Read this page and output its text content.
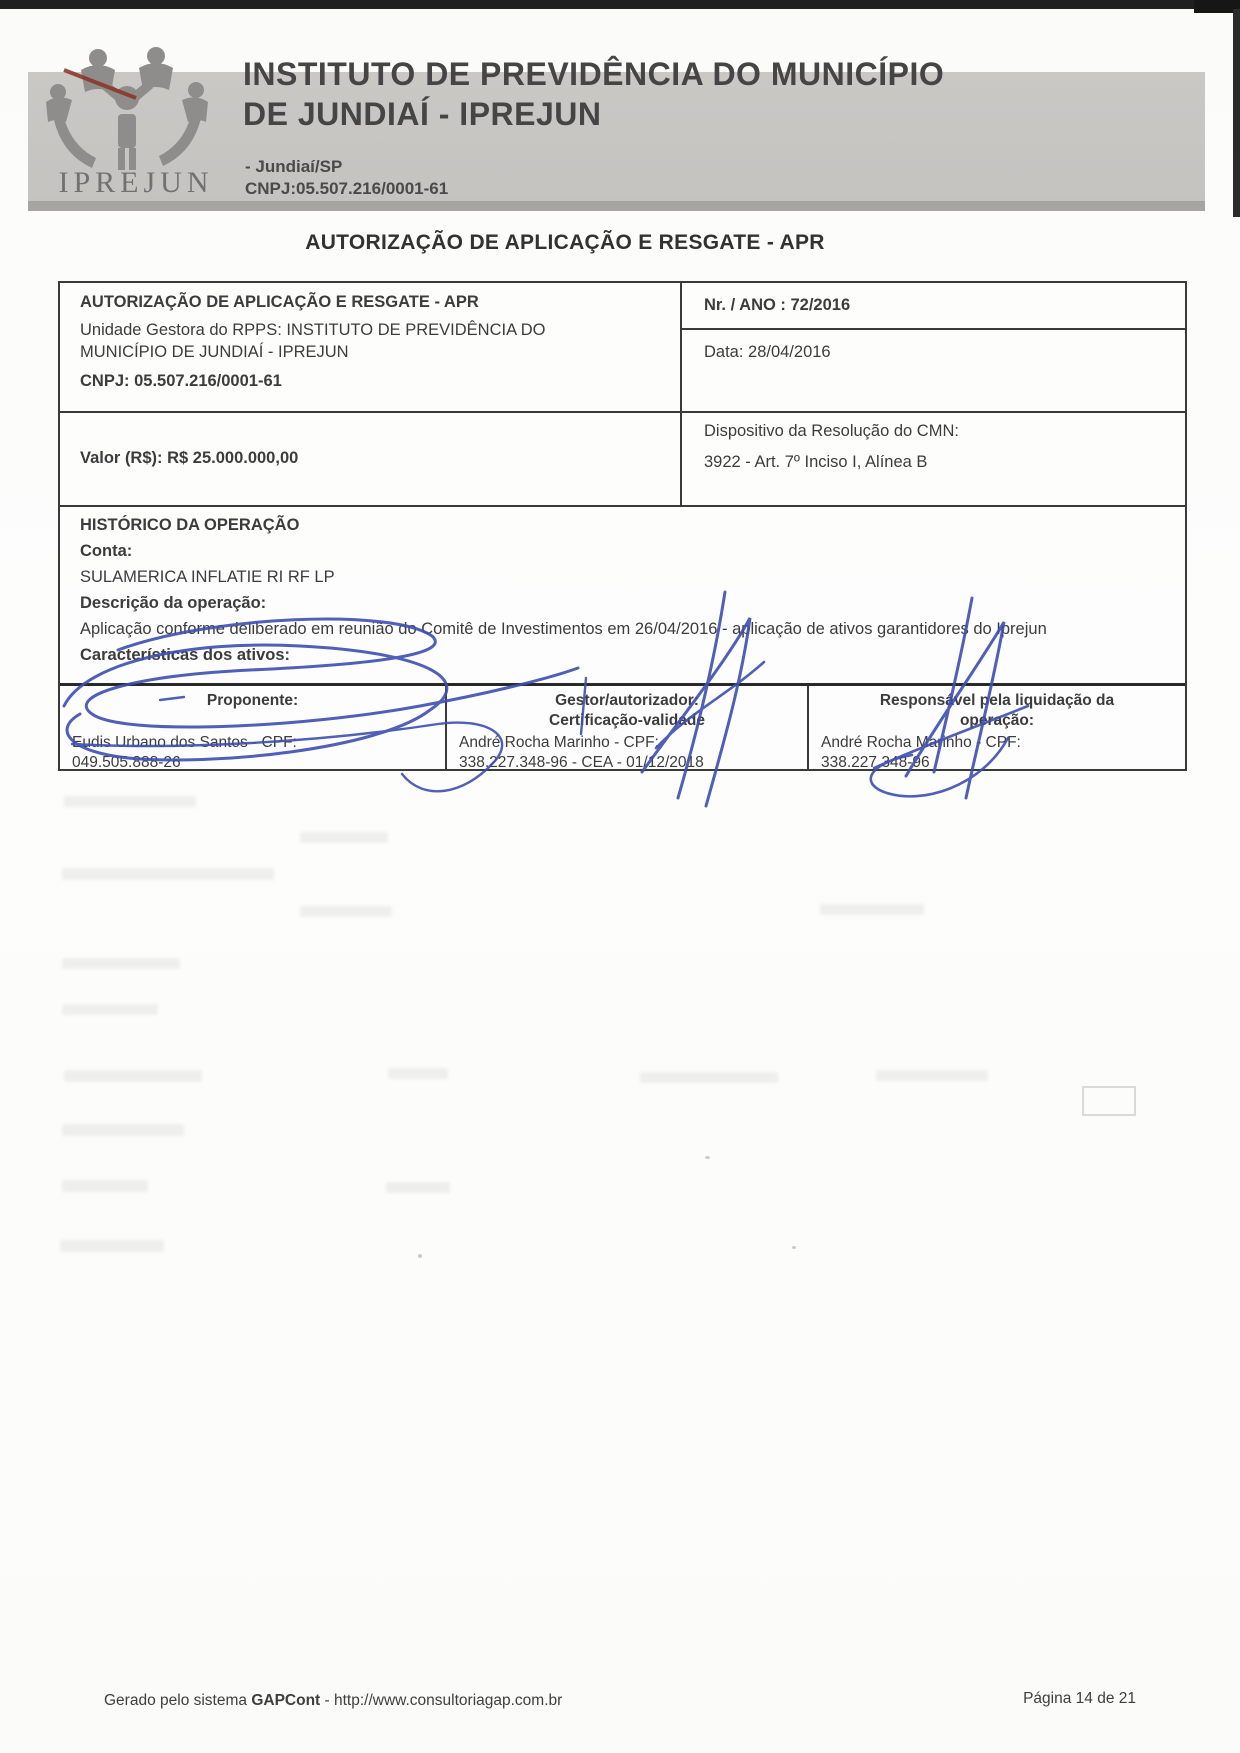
IPREJUN
INSTITUTO DE PREVIDÊNCIA DO MUNICÍPIO
DE JUNDIAÍ - IPREJUN
- Jundiaí/SP
CNPJ:05.507.216/0001-61
AUTORIZAÇÃO DE APLICAÇÃO E RESGATE - APR
AUTORIZAÇÃO DE APLICAÇÃO E RESGATE - APR
Unidade Gestora do RPPS: INSTITUTO DE PREVIDÊNCIA DO MUNICÍPIO DE JUNDIAÍ - IPREJUN
CNPJ: 05.507.216/0001-61
Nr. / ANO : 72/2016
Data: 28/04/2016
Valor (R$): R$ 25.000.000,00
Dispositivo da Resolução do CMN:
3922 - Art. 7º Inciso I, Alínea B
HISTÓRICO DA OPERAÇÃO
Conta:
SULAMERICA INFLATIE RI RF LP
Descrição da operação:
Aplicação conforme deliberado em reunião do Comitê de Investimentos em 26/04/2016 - aplicação de ativos garantidores do Iprejun
Características dos ativos:
Proponente:
Eudis Urbano dos Santos - CPF:
049.505.888-26
Gestor/autorizador:
Certificação-validade
André Rocha Marinho - CPF:
338.227.348-96 - CEA - 01/12/2018
Responsável pela liquidação da
operação:
André Rocha Marinho - CPF:
338.227.348-96
Gerado pelo sistema GAPCont - http://www.consultoriagap.com.br	Página 14 de 21
